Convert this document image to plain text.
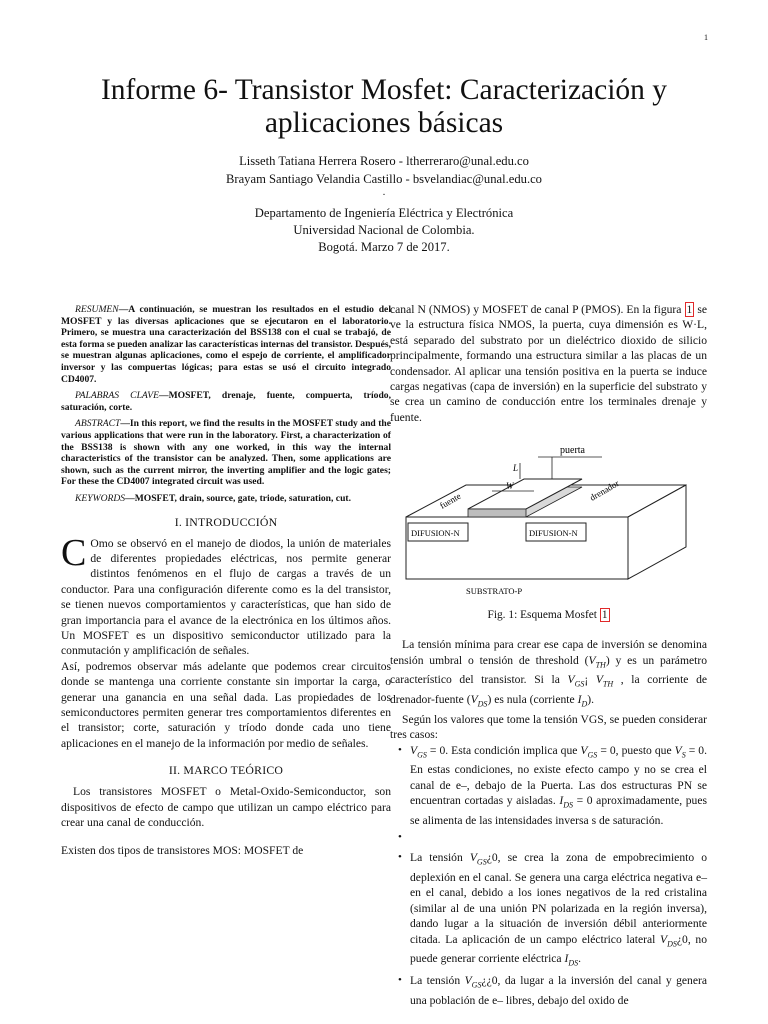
1
Informe 6- Transistor Mosfet: Caracterización y
aplicaciones básicas
Lisseth Tatiana Herrera Rosero - ltherreraro@unal.edu.co
Brayam Santiago Velandia Castillo - bsvelandiac@unal.edu.co
.
Departamento de Ingeniería Eléctrica y Electrónica
Universidad Nacional de Colombia.
Bogotá. Marzo 7 de 2017.

RESUMEN—A continuación, se muestran los resultados en el estudio del MOSFET y las diversas aplicaciones que se ejecutaron en el laboratorio. Primero, se muestra una caracterización del BSS138 con el cual se trabajó, de esta forma se pueden analizar las características internas del transistor. Después, se muestran algunas aplicaciones, como el espejo de corriente, el amplificador inversor y las compuertas lógicas; para estas se usó el circuito integrado CD4007.

PALABRAS CLAVE—MOSFET, drenaje, fuente, compuerta, tríodo, saturación, corte.

ABSTRACT—In this report, we find the results in the MOSFET study and the various applications that were run in the laboratory. First, a characterization of the BSS138 is shown with any one worked, in this way the internal characteristics of the transistor can be analyzed. Then, some applications are shown, such as the current mirror, the inverting amplifier and the logic gates; For these the CD4007 integrated circuit was used.

KEYWORDS—MOSFET, drain, source, gate, triode, saturation, cut.

I. INTRODUCCIÓN

C Omo se observó en el manejo de diodos, la unión de materiales de diferentes propiedades eléctricas, nos permite generar distintos fenómenos en el flujo de cargas a través de un conductor. Para una configuración diferente como es la del transistor, se tienen nuevos comportamientos y características, que han sido de gran importancia para el avance de la electrónica en los últimos años. Un MOSFET es un dispositivo semiconductor utilizado para la conmutación y amplificación de señales.

Así, podremos observar más adelante que podemos crear circuitos donde se mantenga una corriente constante sin importar la carga, o generar una ganancia en una señal dada. Las propiedades de los semiconductores permiten generar tres comportamientos diferentes en el transistor; corte, saturación y tríodo donde cada uno tiene aplicaciones en el manejo de la información por medio de señales.

II. MARCO TEÓRICO

Los transistores MOSFET o Metal-Oxido-Semiconductor, son dispositivos de efecto de campo que utilizan un campo eléctrico para crear una canal de conducción.

Existen dos tipos de transistores MOS: MOSFET de

canal N (NMOS) y MOSFET de canal P (PMOS). En la figura 1 se ve la estructura física NMOS, la puerta, cuya dimensión es W·L, está separado del substrato por un dieléctrico dioxido de silicio principalmente, formando una estructura similar a las placas de un condensador. Al aplicar una tensión positiva en la puerta se induce cargas negativas (capa de inversión) en la superficie del substrato y se crea un camino de conducción entre los terminales drenaje y fuente.

puerta
L
W
fuente	drenador
DIFUSION-N	DIFUSION-N
SUBSTRATO-P
Fig. 1: Esquema Mosfet 1

La tensión mínima para crear ese capa de inversión se denomina tensión umbral o tensión de threshold $(V_{TH})$ y es un parámetro característico del transistor. Si la $V_{GS}¡$ $V_{TH}$ , la corriente de drenador-fuente $(V_{DS})$ es nula (corriente $I_D$).

Según los valores que tome la tensión VGS, se pueden considerar tres casos:

• $V_{GS} = 0$. Esta condición implica que $V_{GS} = 0$, puesto que $V_S = 0$. En estas condiciones, no existe efecto campo y no se crea el canal de e–, debajo de la Puerta. Las dos estructuras PN se encuentran cortadas y aisladas. $I_{DS} = 0$ aproximadamente, pues se alimenta de las intensidades inversa s de saturación.
•
• La tensión $V_{GS}¿0$, se crea la zona de empobrecimiento o deplexión en el canal. Se genera una carga eléctrica negativa e– en el canal, debido a los iones negativos de la red cristalina (similar al de una unión PN polarizada en la región inversa), dando lugar a la situación de inversión débil anteriormente citada. La aplicación de un campo eléctrico lateral $V_{DS}¿0$, no puede generar corriente eléctrica $I_{DS}$.
• La tensión $V_{GS}¿¿0$, da lugar a la inversión del canal y genera una población de e– libres, debajo del oxido de
